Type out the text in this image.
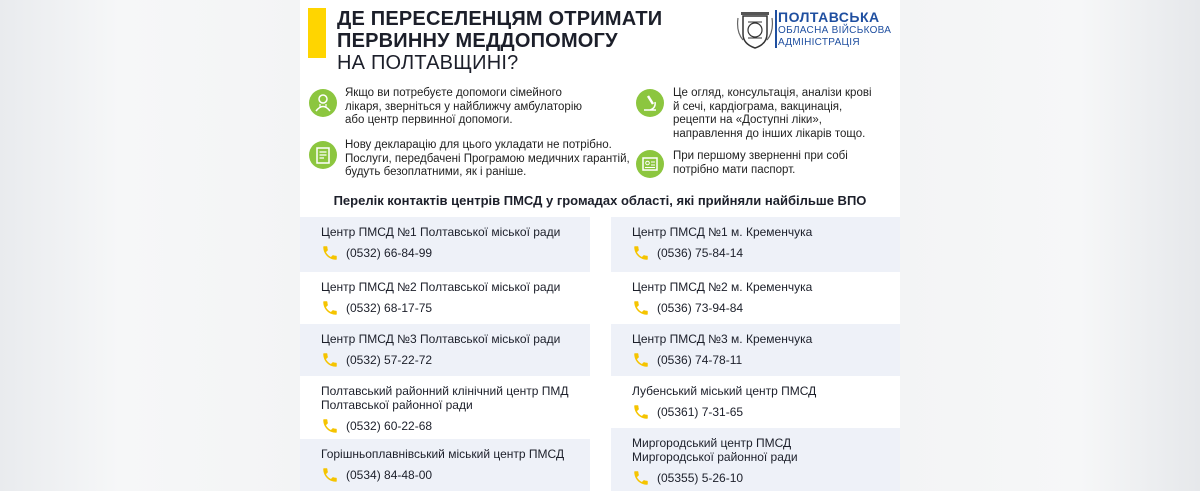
ДЕ ПЕРЕСЕЛЕНЦЯМ ОТРИМАТИ
ПЕРВИННУ МЕДДОПОМОГУ
НА ПОЛТАВЩИНІ?
ПОЛТАВСЬКА
ОБЛАСНА ВІЙСЬКОВА
АДМІНІСТРАЦІЯ
Якщо ви потребуєте допомоги сімейного
лікаря, зверніться у найближчу амбулаторію
або центр первинної допомоги.
Нову декларацію для цього укладати не потрібно.
Послуги, передбачені Програмою медичних гарантій,
будуть безоплатними, як і раніше.
Це огляд, консультація, аналізи крові
й сечі, кардіограма, вакцинація,
рецепти на «Доступні ліки»,
направлення до інших лікарів тощо.
При першому зверненні при собі
потрібно мати паспорт.
Перелік контактів центрів ПМСД у громадах області, які прийняли найбільше ВПО
Центр ПМСД №1 Полтавської міської ради
(0532) 66-84-99
Центр ПМСД №2 Полтавської міської ради
(0532) 68-17-75
Центр ПМСД №3 Полтавської міської ради
(0532) 57-22-72
Полтавський районний клінічний центр ПМД
Полтавської районної ради
(0532) 60-22-68
Горішньоплавнівський міський центр ПМСД
(0534) 84-48-00
Центр ПМСД №1 м. Кременчука
(0536) 75-84-14
Центр ПМСД №2 м. Кременчука
(0536) 73-94-84
Центр ПМСД №3 м. Кременчука
(0536) 74-78-11
Лубенський міський центр ПМСД
(05361) 7-31-65
Миргородський центр ПМСД
Миргородської районної ради
(05355) 5-26-10
